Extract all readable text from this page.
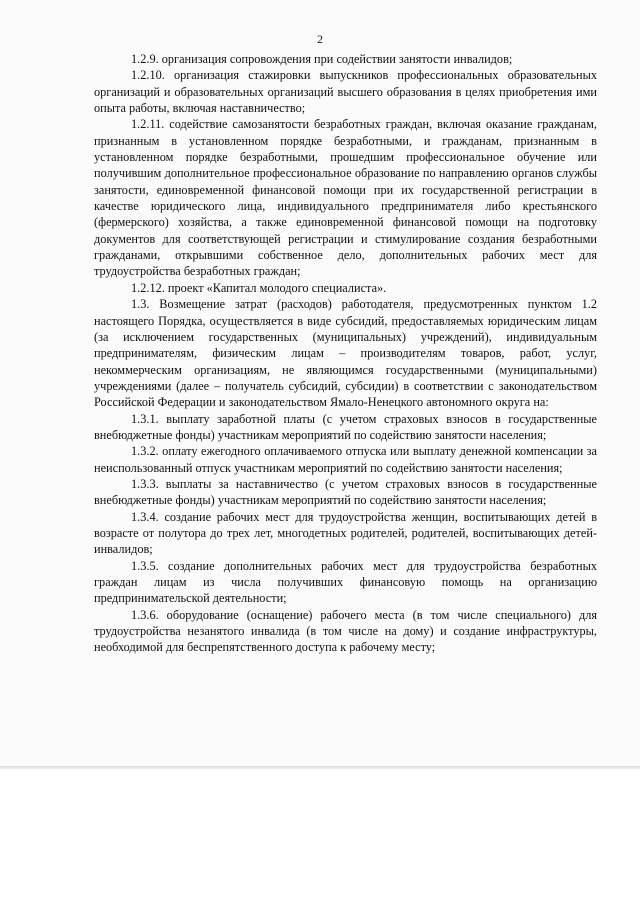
2

1.2.9. организация сопровождения при содействии занятости инвалидов;

1.2.10. организация стажировки выпускников профессиональных образовательных организаций и образовательных организаций высшего образования в целях приобретения ими опыта работы, включая наставничество;

1.2.11. содействие самозанятости безработных граждан, включая оказание гражданам, признанным в установленном порядке безработными, и гражданам, признанным в установленном порядке безработными, прошедшим профессиональное обучение или получившим дополнительное профессиональное образование по направлению органов службы занятости, единовременной финансовой помощи при их государственной регистрации в качестве юридического лица, индивидуального предпринимателя либо крестьянского (фермерского) хозяйства, а также единовременной финансовой помощи на подготовку документов для соответствующей регистрации и стимулирование создания безработными гражданами, открывшими собственное дело, дополнительных рабочих мест для трудоустройства безработных граждан;

1.2.12. проект «Капитал молодого специалиста».

1.3. Возмещение затрат (расходов) работодателя, предусмотренных пунктом 1.2 настоящего Порядка, осуществляется в виде субсидий, предоставляемых юридическим лицам (за исключением государственных (муниципальных) учреждений), индивидуальным предпринимателям, физическим лицам – производителям товаров, работ, услуг, некоммерческим организациям, не являющимся государственными (муниципальными) учреждениями (далее – получатель субсидий, субсидии) в соответствии с законодательством Российской Федерации и законодательством Ямало-Ненецкого автономного округа на:

1.3.1. выплату заработной платы (с учетом страховых взносов в государственные внебюджетные фонды) участникам мероприятий по содействию занятости населения;

1.3.2. оплату ежегодного оплачиваемого отпуска или выплату денежной компенсации за неиспользованный отпуск участникам мероприятий по содействию занятости населения;

1.3.3. выплаты за наставничество (с учетом страховых взносов в государственные внебюджетные фонды) участникам мероприятий по содействию занятости населения;

1.3.4. создание рабочих мест для трудоустройства женщин, воспитывающих детей в возрасте от полутора до трех лет, многодетных родителей, родителей, воспитывающих детей-инвалидов;

1.3.5. создание дополнительных рабочих мест для трудоустройства безработных граждан лицам из числа получивших финансовую помощь на организацию предпринимательской деятельности;

1.3.6. оборудование (оснащение) рабочего места (в том числе специального) для трудоустройства незанятого инвалида (в том числе на дому) и создание инфраструктуры, необходимой для беспрепятственного доступа к рабочему месту;
